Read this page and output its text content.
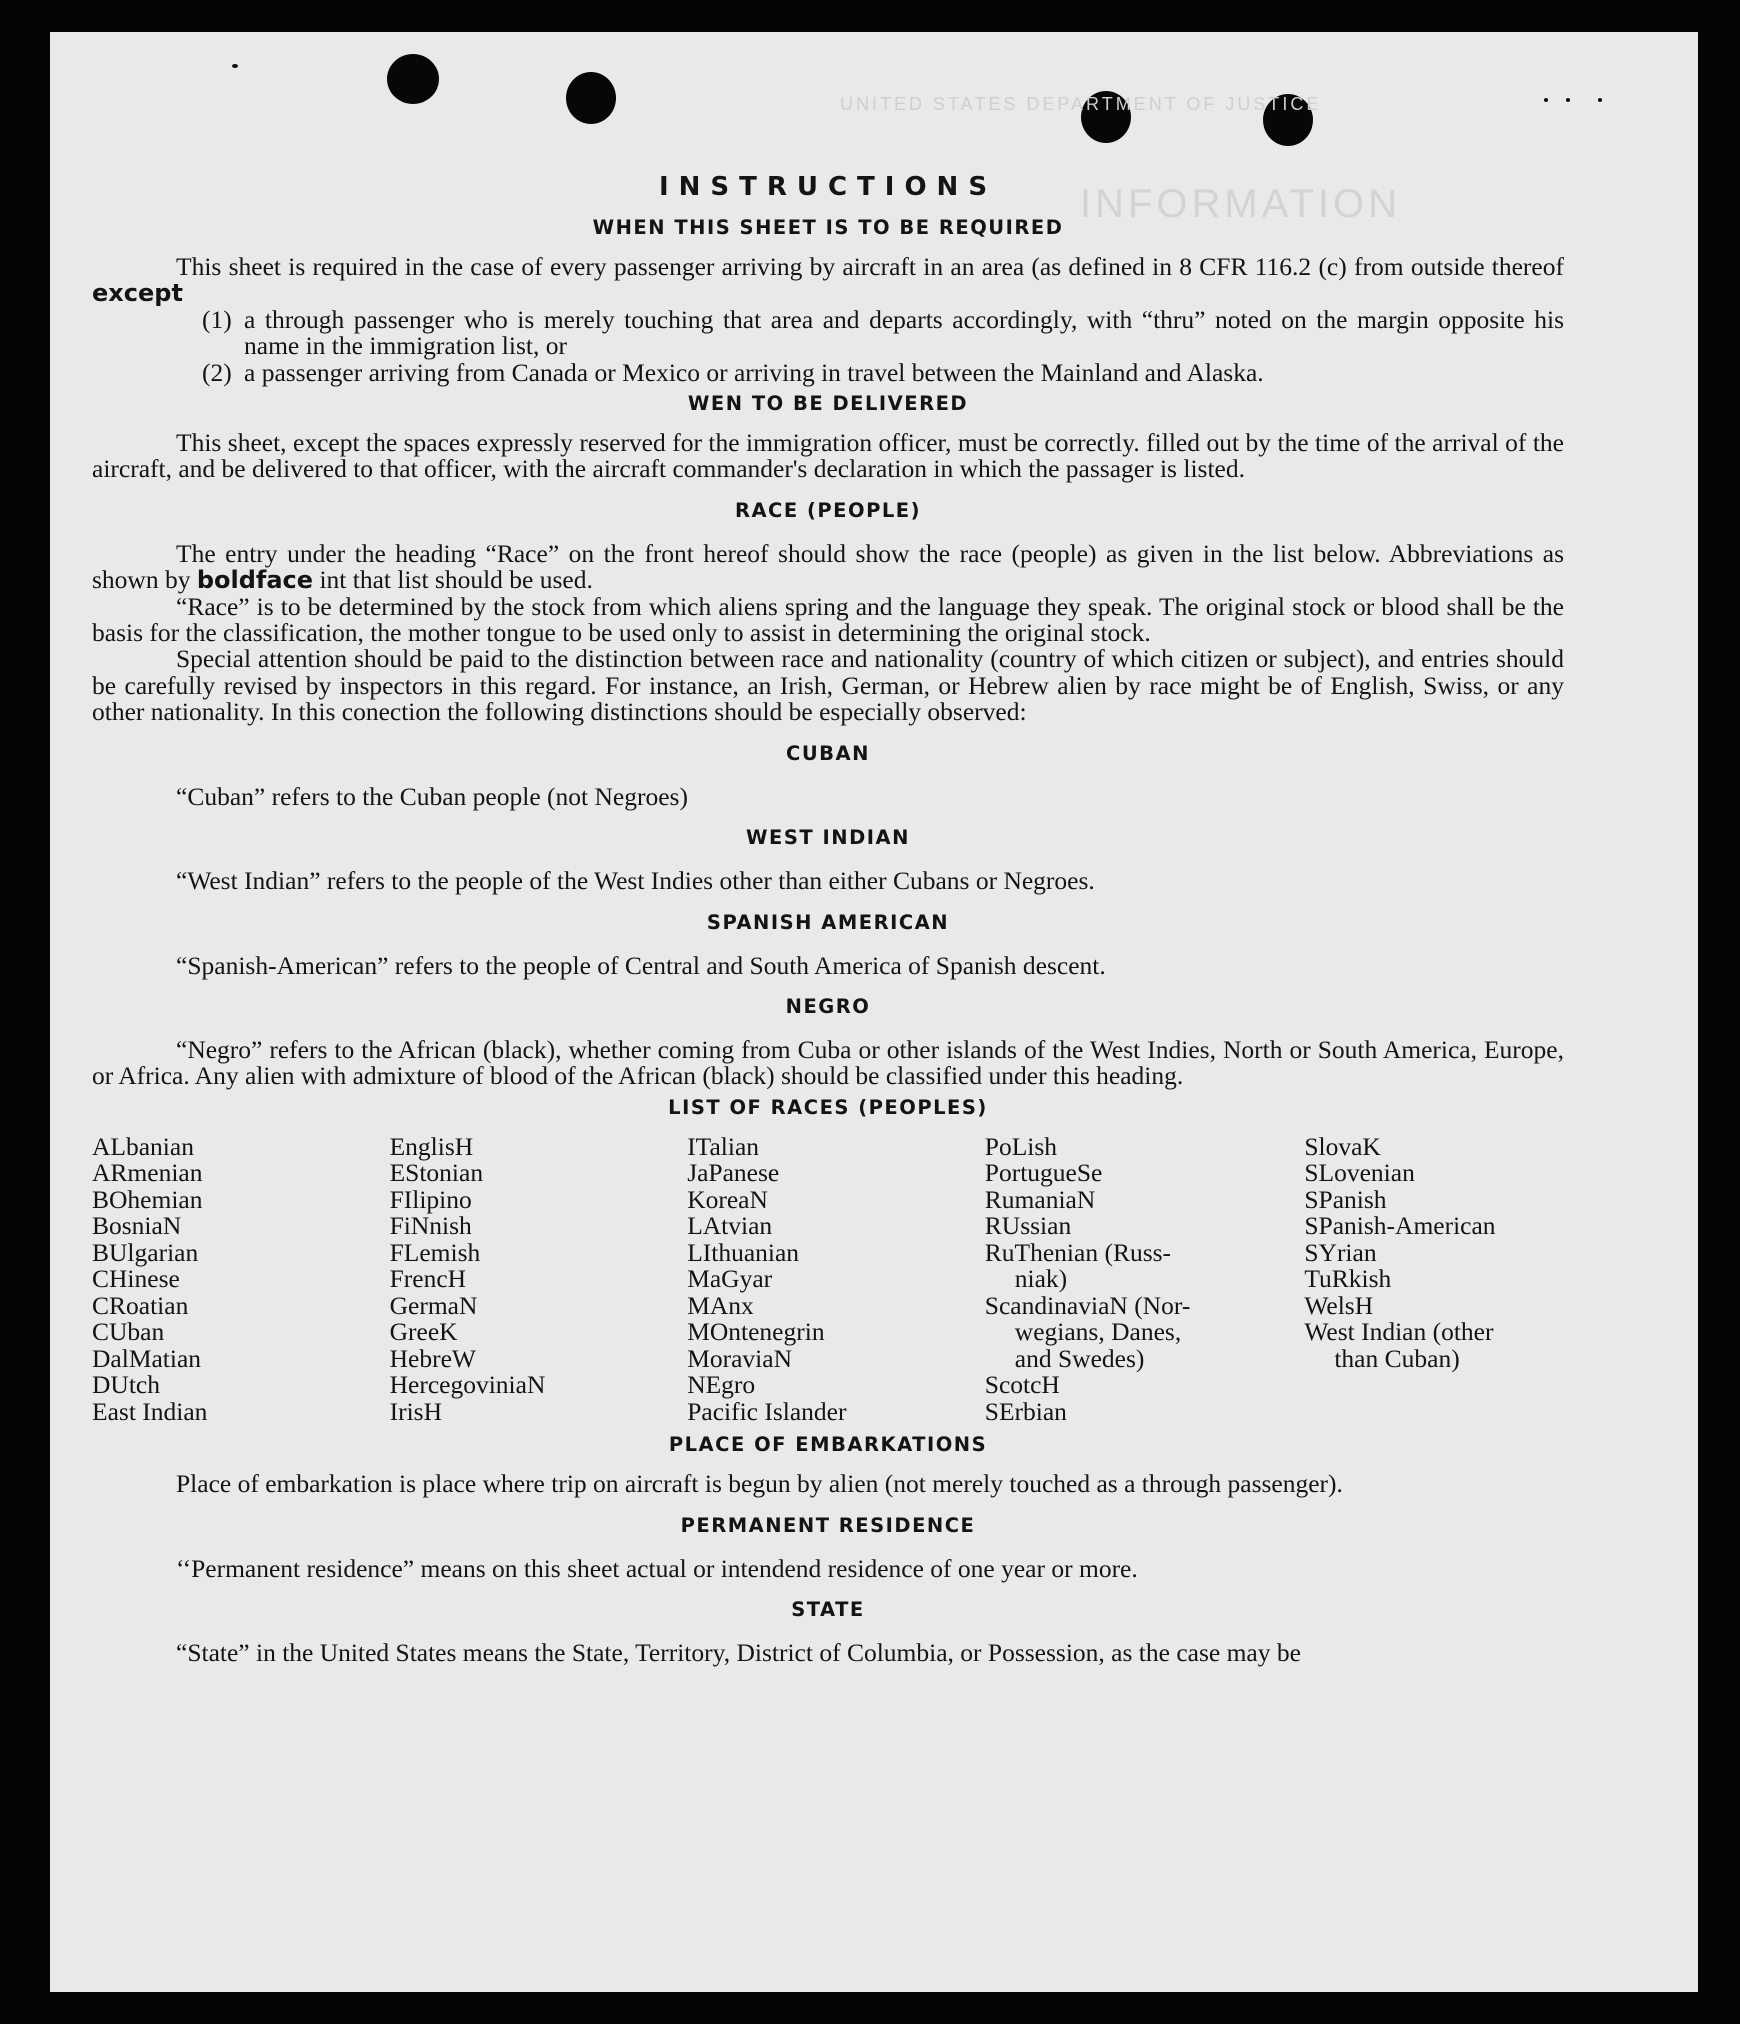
UNITED STATES DEPARTMENT OF JUSTICE
INFORMATION
INSTRUCTIONS
WHEN THIS SHEET IS TO BE REQUIRED

This sheet is required in the case of every passenger arriving by aircraft in an area (as defined in 8 CFR 116.2 (c) from outside thereof except

(1) a through passenger who is merely touching that area and departs accordingly, with “thru” noted on the margin opposite his name in the immigration list, or
(2) a passenger arriving from Canada or Mexico or arriving in travel between the Mainland and Alaska.
WEN TO BE DELIVERED

This sheet, except the spaces expressly reserved for the immigration officer, must be correctly. filled out by the time of the arrival of the aircraft, and be delivered to that officer, with the aircraft commander's declaration in which the passager is listed.

RACE (PEOPLE)

The entry under the heading “Race” on the front hereof should show the race (people) as given in the list below. Abbreviations as shown by boldface int that list should be used.

“Race” is to be determined by the stock from which aliens spring and the language they speak. The original stock or blood shall be the basis for the classification, the mother tongue to be used only to assist in determining the original stock.

Special attention should be paid to the distinction between race and nationality (country of which citizen or subject), and entries should be carefully revised by inspectors in this regard. For instance, an Irish, German, or Hebrew alien by race might be of English, Swiss, or any other nationality. In this conection the following distinctions should be especially observed:

CUBAN

“Cuban” refers to the Cuban people (not Negroes)

WEST INDIAN

“West Indian” refers to the people of the West Indies other than either Cubans or Negroes.

SPANISH AMERICAN

“Spanish-American” refers to the people of Central and South America of Spanish descent.

NEGRO

“Negro” refers to the African (black), whether coming from Cuba or other islands of the West Indies, North or South America, Europe, or Africa. Any alien with admixture of blood of the African (black) should be classified under this heading.

LIST OF RACES (PEOPLES)
ALbanian
ARmenian
BOhemian
BosniaN
BUlgarian
CHinese
CRoatian
CUban
DalMatian
DUtch
East Indian
EnglisH
EStonian
FIlipino
FiNnish
FLemish
FrencH
GermaN
GreeK
HebreW
HercegoviniaN
IrisH
ITalian
JaPanese
KoreaN
LAtvian
LIthuanian
MaGyar
MAnx
MOntenegrin
MoraviaN
NEgro
Pacific Islander
PoLish
PortugueSe
RumaniaN
RUssian
RuThenian (Russ-
niak)
ScandinaviaN (Nor-
wegians, Danes,
and Swedes)
ScotcH
SErbian
SlovaK
SLovenian
SPanish
SPanish-American
SYrian
TuRkish
WelsH
West Indian (other
than Cuban)
PLACE OF EMBARKATIONS

Place of embarkation is place where trip on aircraft is begun by alien (not merely touched as a through passenger).

PERMANENT RESIDENCE

‘‘Permanent residence” means on this sheet actual or intendend residence of one year or more.

STATE

“State” in the United States means the State, Territory, District of Columbia, or Possession, as the case may be
